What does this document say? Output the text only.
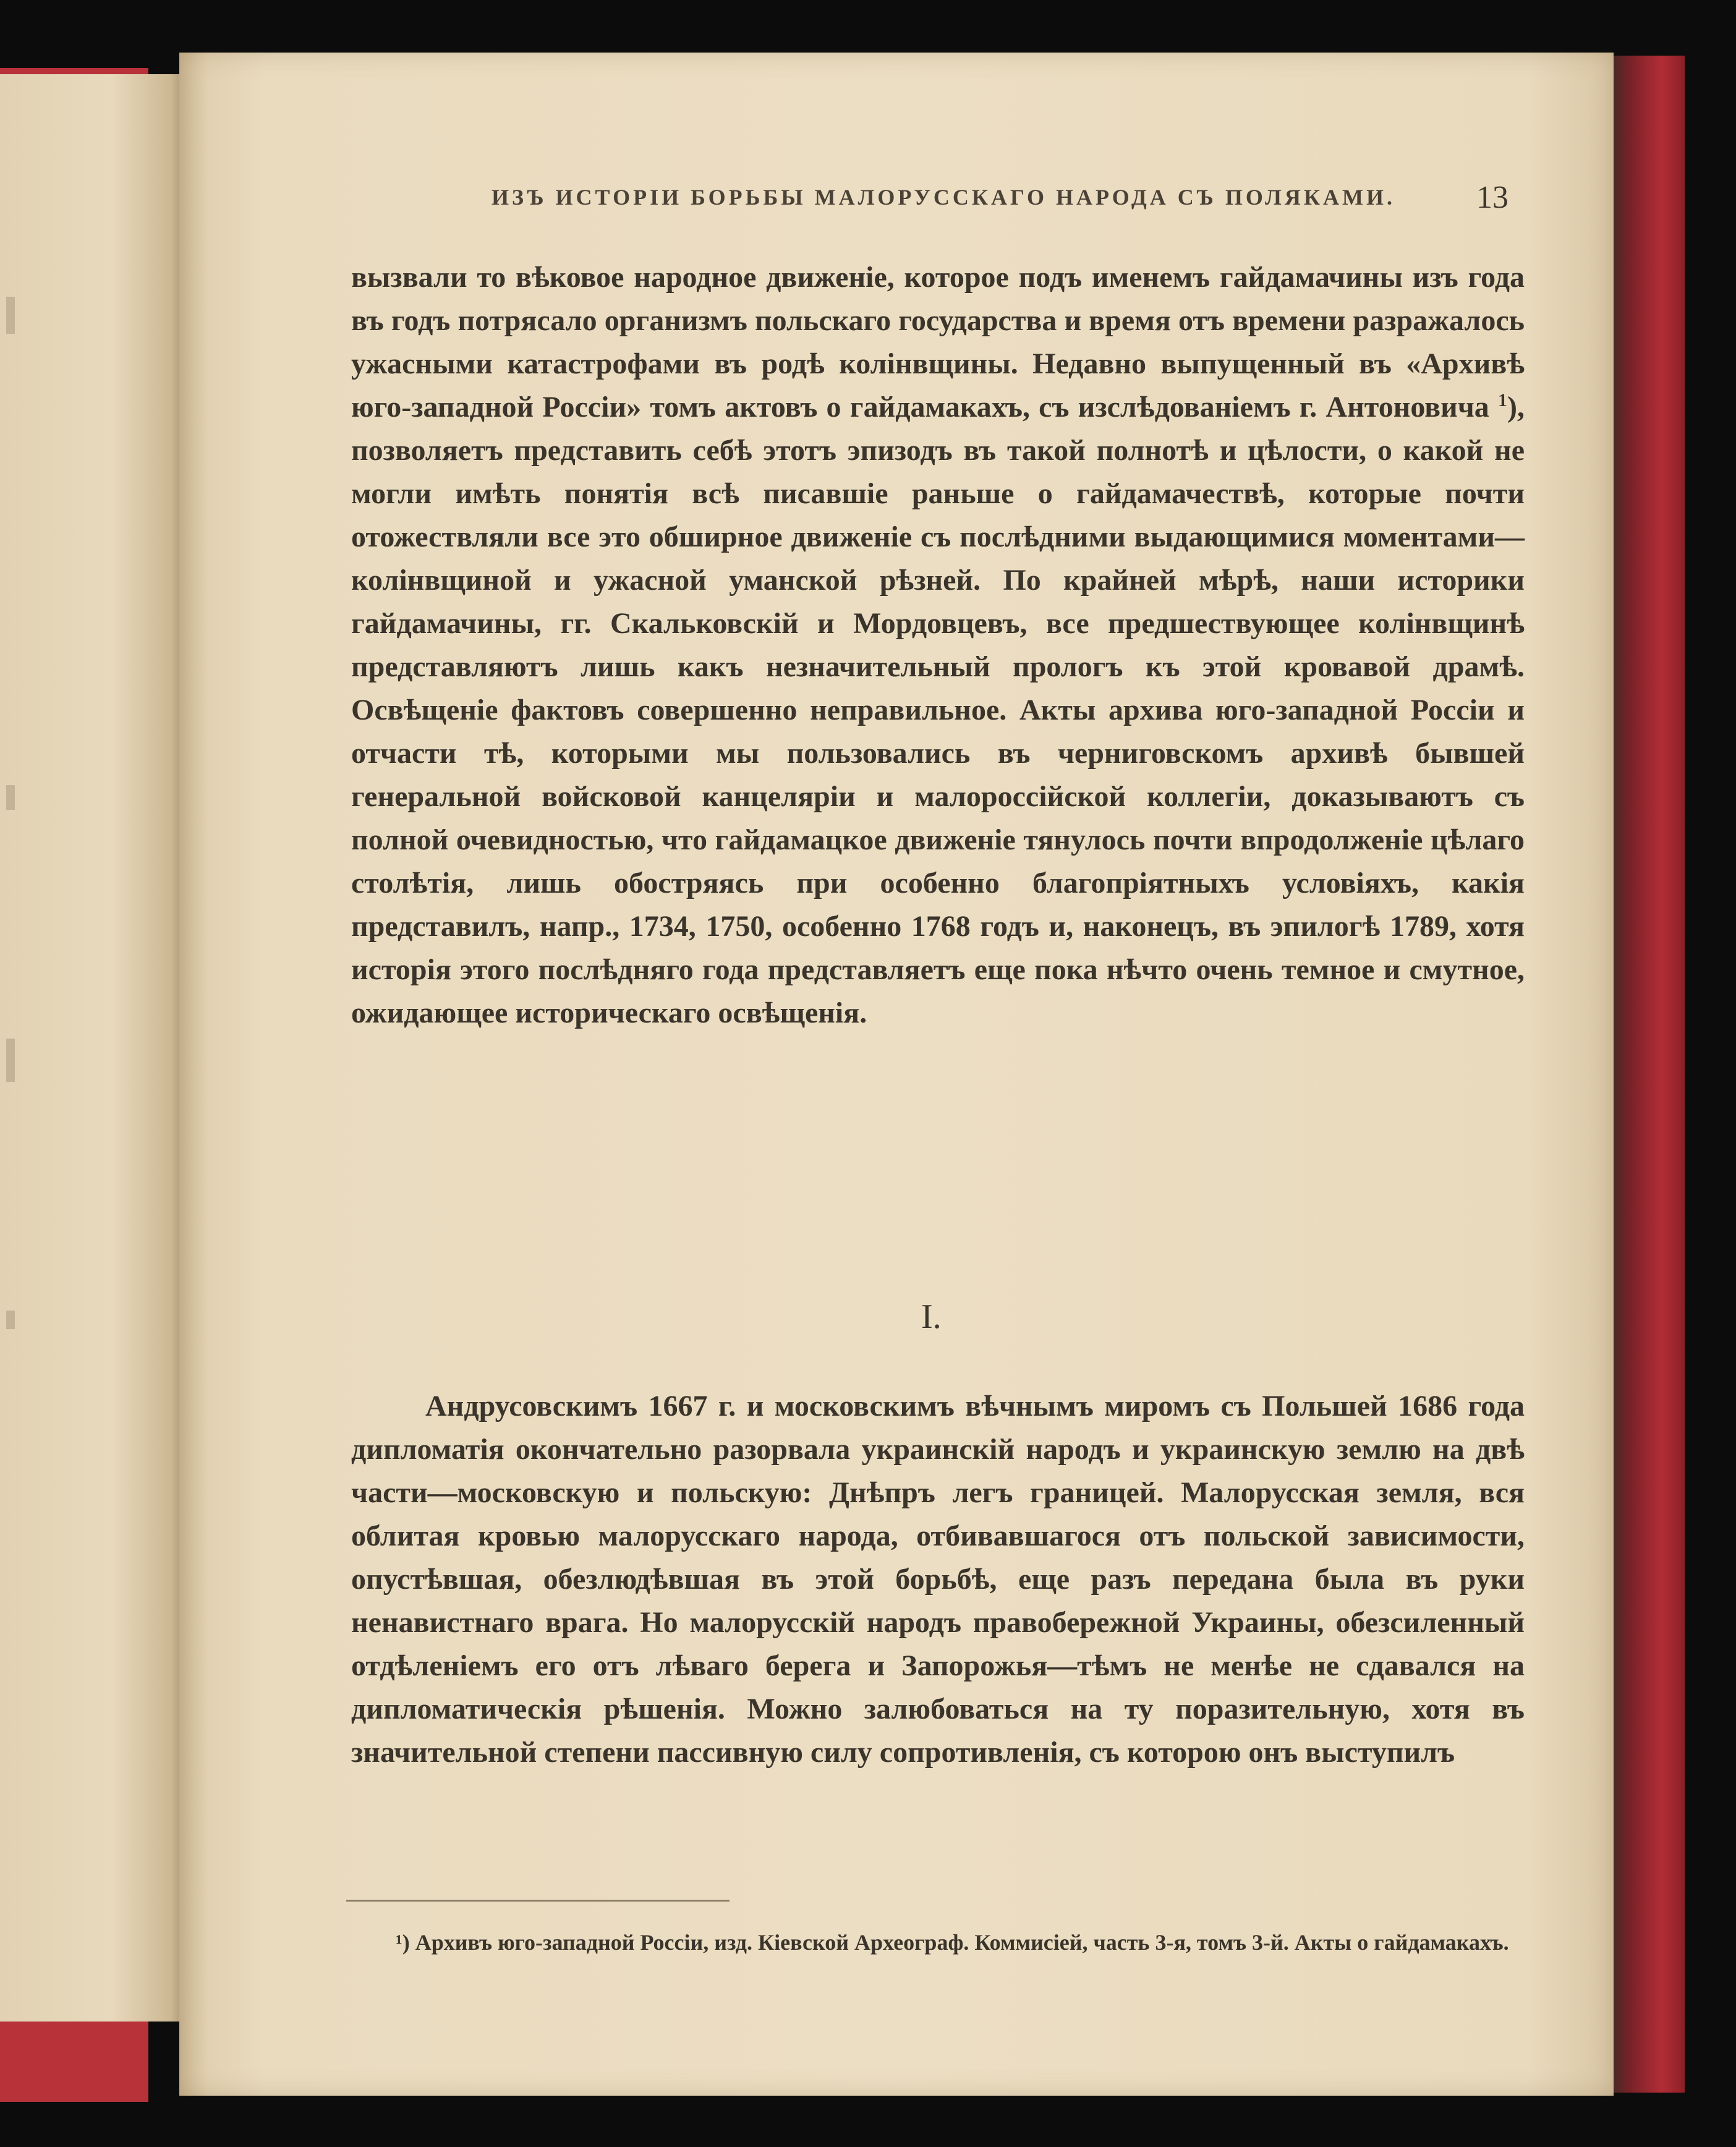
ИЗЪ ИСТОРІИ БОРЬБЫ МАЛОРУССКАГО НАРОДА СЪ ПОЛЯКАМИ.	13

вызвали то вѣковое народное движеніе, которое подъ именемъ гайдамачины изъ года въ годъ потрясало организмъ польскаго государства и время отъ времени разражалось ужасными катастрофами въ родѣ колінвщины. Недавно выпущенный въ «Архивѣ юго-западной Россіи» томъ актовъ о гайдамакахъ, съ изслѣдованіемъ г. Антоновича $^1$), позволяетъ представить себѣ этотъ эпизодъ въ такой полнотѣ и цѣлости, о какой не могли имѣть понятія всѣ писавшіе раньше о гайдамачествѣ, которые почти отожествляли все это обширное движеніе съ послѣдними выдающимися моментами—колінвщиной и ужасной уманской рѣзней. По крайней мѣрѣ, наши историки гайдамачины, гг. Скальковскій и Мордовцевъ, все предшествующее колінвщинѣ представляютъ лишь какъ незначительный прологъ къ этой кровавой драмѣ. Освѣщеніе фактовъ совершенно неправильное. Акты архива юго-западной Россіи и отчасти тѣ, которыми мы пользовались въ черниговскомъ архивѣ бывшей генеральной войсковой канцеляріи и малороссійской коллегіи, доказываютъ съ полной очевидностью, что гайдамацкое движеніе тянулось почти впродолженіе цѣлаго столѣтія, лишь обостряясь при особенно благопріятныхъ условіяхъ, какія представилъ, напр., 1734, 1750, особенно 1768 годъ и, наконецъ, въ эпилогѣ 1789, хотя исторія этого послѣдняго года представляетъ еще пока нѣчто очень темное и смутное, ожидающее историческаго освѣщенія.

I.

Андрусовскимъ 1667 г. и московскимъ вѣчнымъ миромъ съ Польшей 1686 года дипломатія окончательно разорвала украинскій народъ и украинскую землю на двѣ части—московскую и польскую: Днѣпръ легъ границей. Малорусская земля, вся облитая кровью малорусскаго народа, отбивавшагося отъ польской зависимости, опустѣвшая, обезлюдѣвшая въ этой борьбѣ, еще разъ передана была въ руки ненавистнаго врага. Но малорусскій народъ правобережной Украины, обезсиленный отдѣленіемъ его отъ лѣваго берега и Запорожья—тѣмъ не менѣе не сдавался на дипломатическія рѣшенія. Можно залюбоваться на ту поразительную, хотя въ значительной степени пассивную силу сопротивленія, съ которою онъ выступилъ

¹) Архивъ юго-западной Россіи, изд. Кіевской Археограф. Коммисіей, часть 3-я, томъ 3-й. Акты о гайдамакахъ.
